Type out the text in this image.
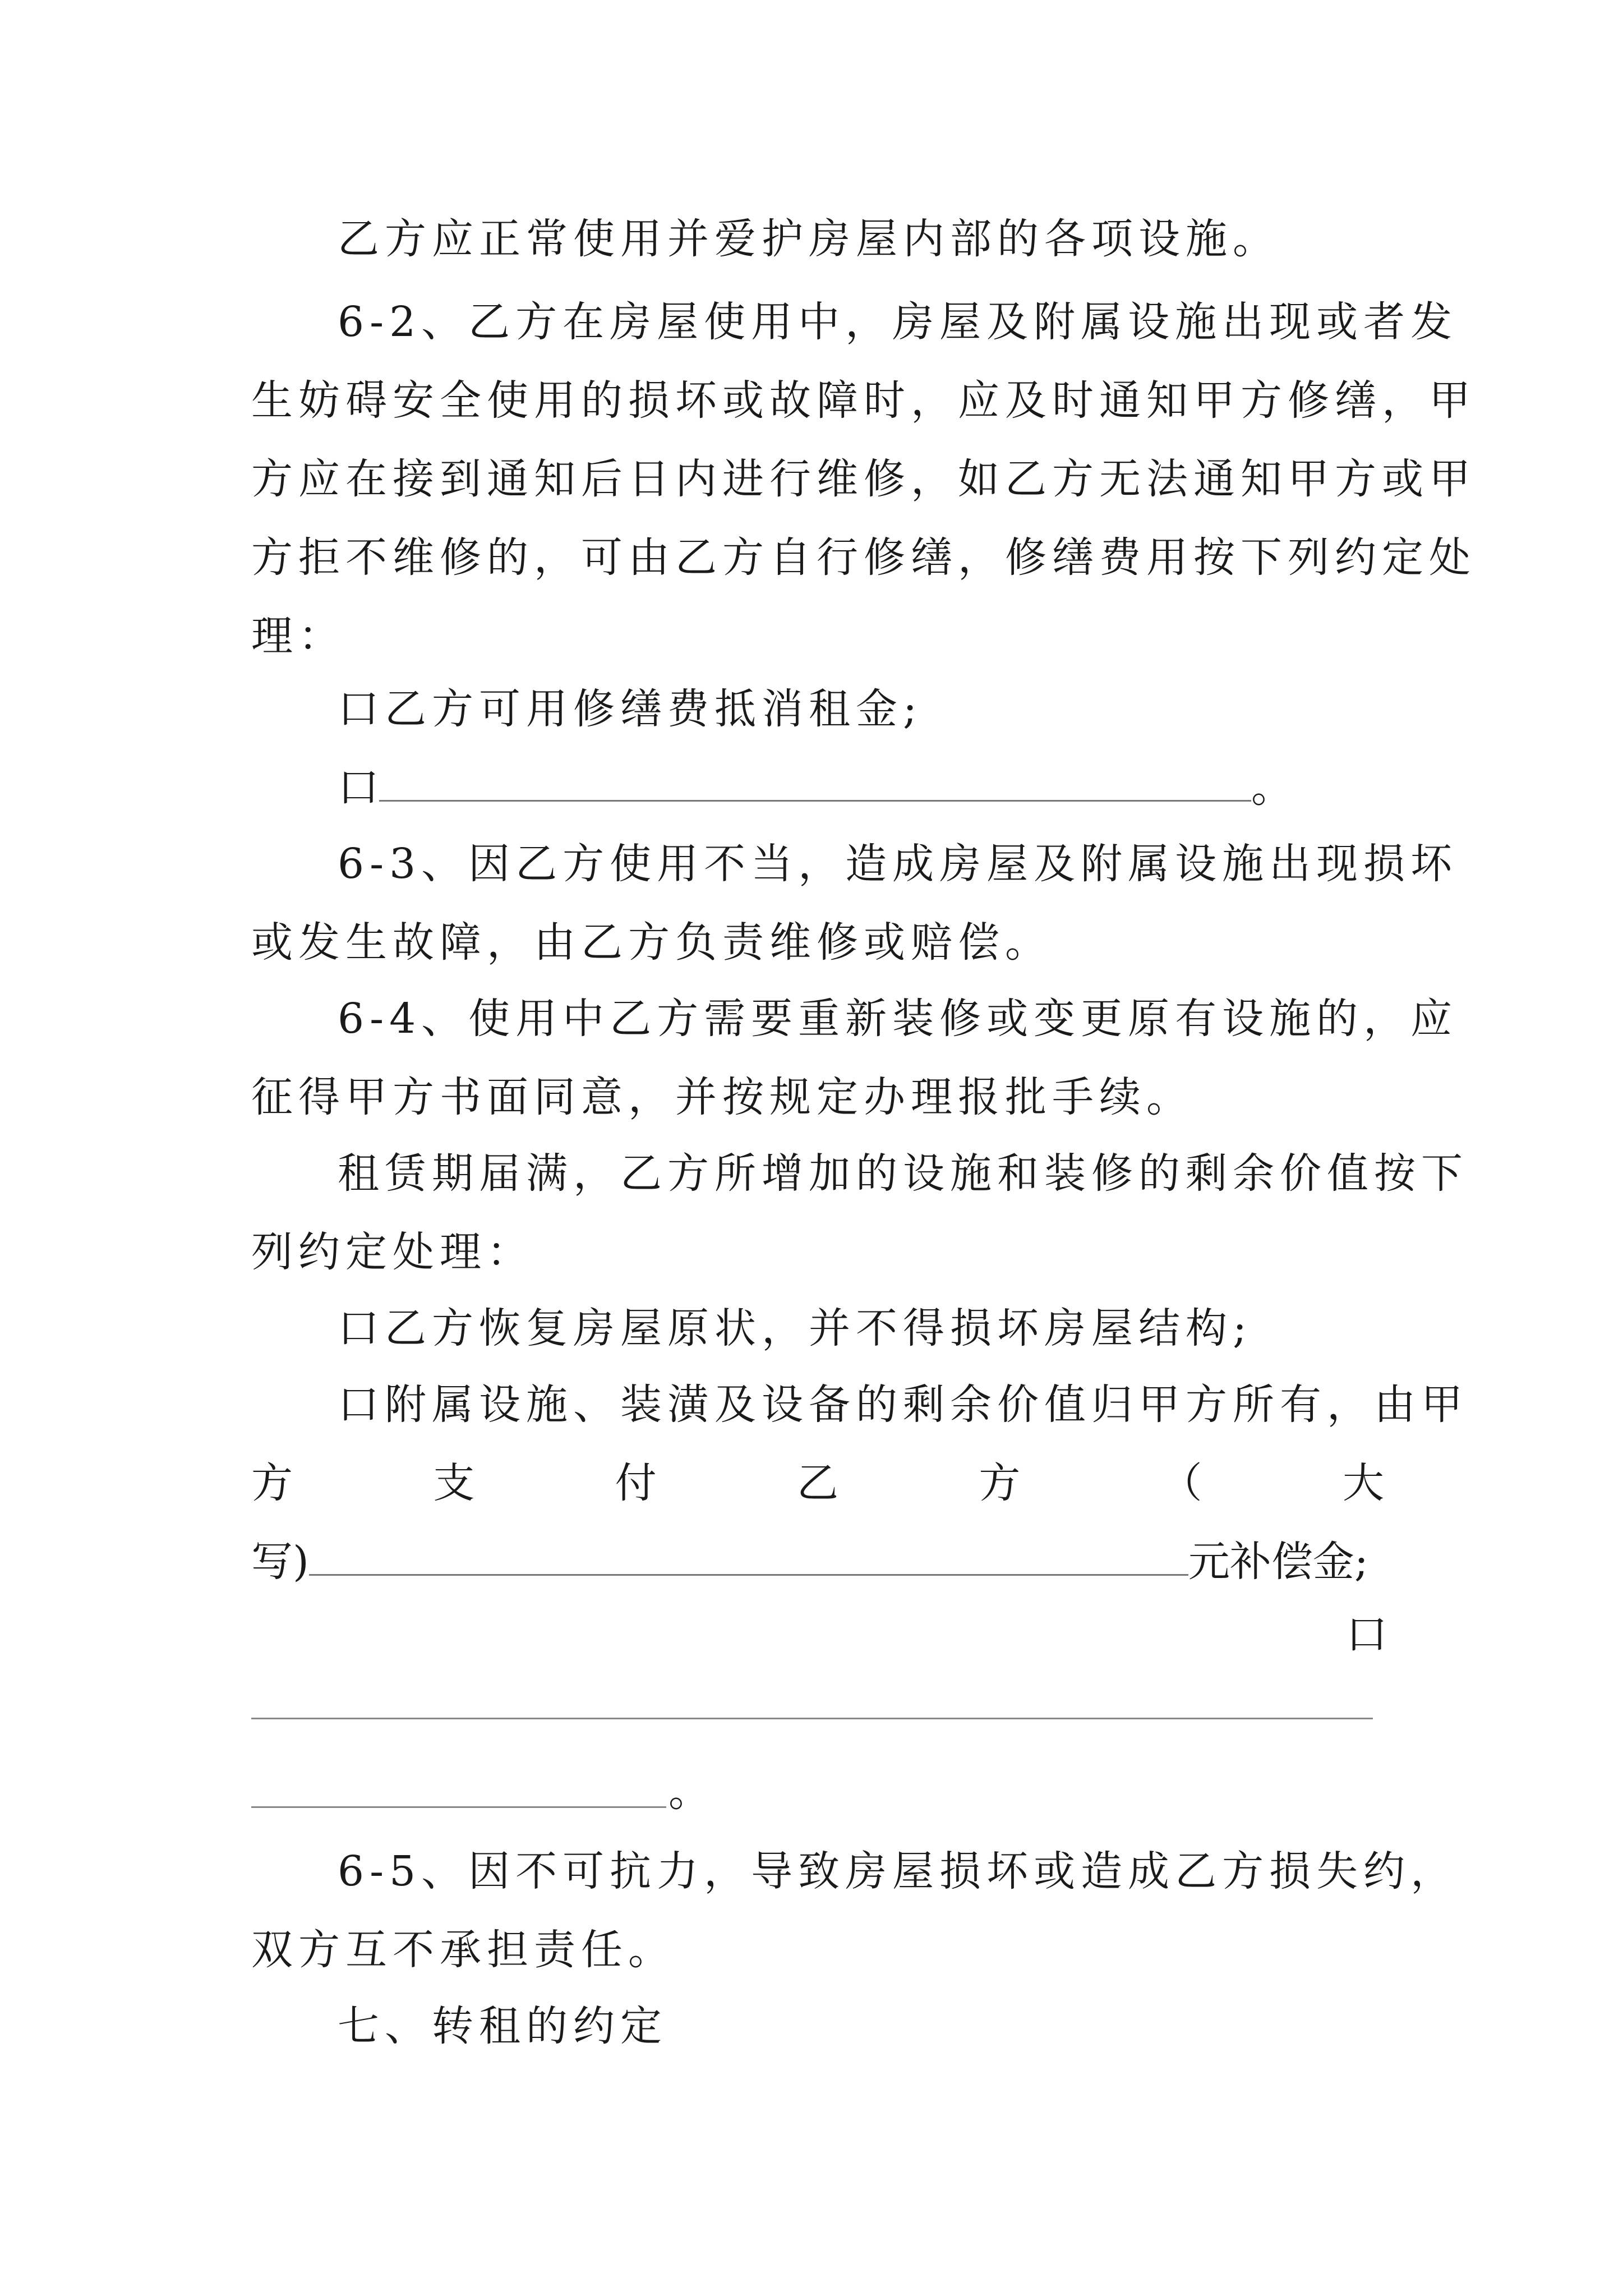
乙方应正常使用并爱护房屋内部的各项设施。
6-2、乙方在房屋使用中，房屋及附属设施出现或者发
生妨碍安全使用的损坏或故障时，应及时通知甲方修缮，甲
方应在接到通知后日内进行维修，如乙方无法通知甲方或甲
方拒不维修的，可由乙方自行修缮，修缮费用按下列约定处
理：
口乙方可用修缮费抵消租金;
口	。
6-3、因乙方使用不当，造成房屋及附属设施出现损坏
或发生故障，由乙方负责维修或赔偿。
6-4、使用中乙方需要重新装修或变更原有设施的，应
征得甲方书面同意，并按规定办理报批手续。
租赁期届满，乙方所增加的设施和装修的剩余价值按下
列约定处理：
口乙方恢复房屋原状，并不得损坏房屋结构;
口附属设施、装潢及设备的剩余价值归甲方所有，由甲
方	支	付	乙	方	（	大
写)	元补偿金;
口
。
6-5、因不可抗力，导致房屋损坏或造成乙方损失约，
双方互不承担责任。
七、转租的约定
